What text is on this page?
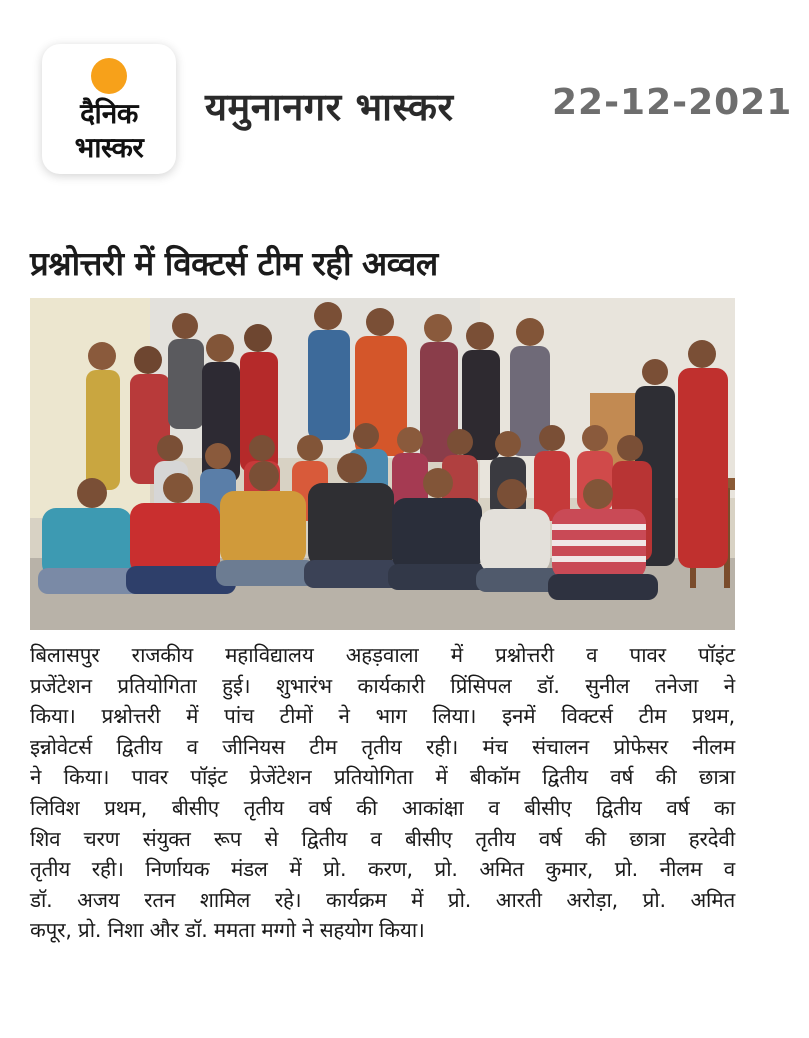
दैनिक
भास्कर
यमुनानगर भास्कर	22-12-2021
प्रश्नोत्तरी में विक्टर्स टीम रही अव्वल
बिलासपुर राजकीय महाविद्यालय अहड़वाला में प्रश्नोत्तरी व पावर पॉइंट
प्रजेंटेशन प्रतियोगिता हुई। शुभारंभ कार्यकारी प्रिंसिपल डॉ. सुनील तनेजा ने
किया। प्रश्नोत्तरी में पांच टीमों ने भाग लिया। इनमें विक्टर्स टीम प्रथम,
इन्नोवेटर्स द्वितीय व जीनियस टीम तृतीय रही। मंच संचालन प्रोफेसर नीलम
ने किया। पावर पॉइंट प्रेजेंटेशन प्रतियोगिता में बीकॉम द्वितीय वर्ष की छात्रा
लिविश प्रथम, बीसीए तृतीय वर्ष की आकांक्षा व बीसीए द्वितीय वर्ष का
शिव चरण संयुक्त रूप से द्वितीय व बीसीए तृतीय वर्ष की छात्रा हरदेवी
तृतीय रही। निर्णायक मंडल में प्रो. करण, प्रो. अमित कुमार, प्रो. नीलम व
डॉ. अजय रतन शामिल रहे। कार्यक्रम में प्रो. आरती अरोड़ा, प्रो. अमित
कपूर, प्रो. निशा और डॉ. ममता मग्गो ने सहयोग किया।
